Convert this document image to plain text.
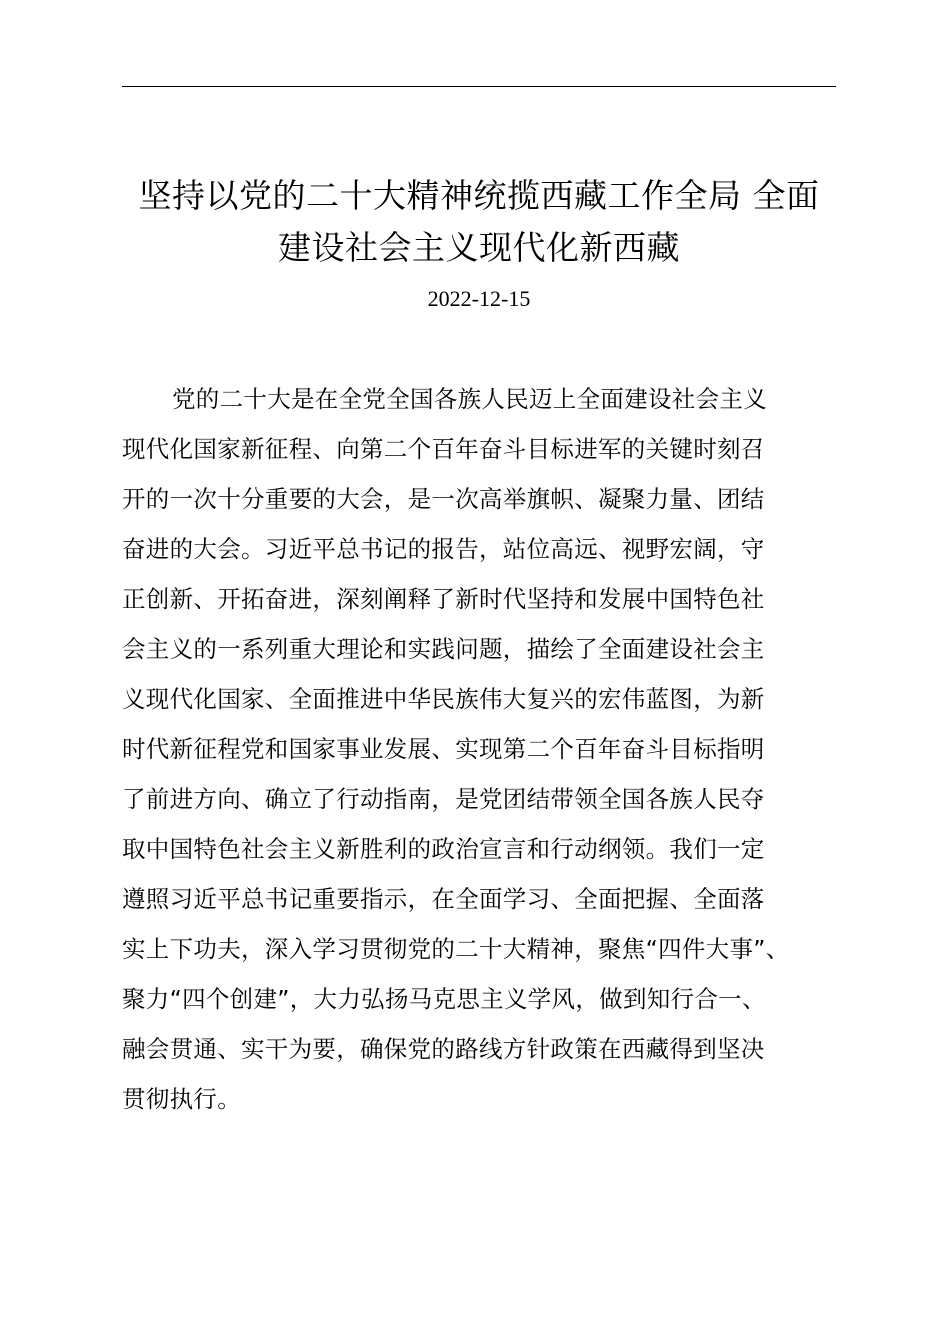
坚持以党的二十大精神统揽西藏工作全局 全面
建设社会主义现代化新西藏
2022-12-15
党的二十大是在全党全国各族人民迈上全面建设社会主义
现代化国家新征程、向第二个百年奋斗目标进军的关键时刻召
开的一次十分重要的大会，是一次高举旗帜、凝聚力量、团结
奋进的大会。习近平总书记的报告，站位高远、视野宏阔，守
正创新、开拓奋进，深刻阐释了新时代坚持和发展中国特色社
会主义的一系列重大理论和实践问题，描绘了全面建设社会主
义现代化国家、全面推进中华民族伟大复兴的宏伟蓝图，为新
时代新征程党和国家事业发展、实现第二个百年奋斗目标指明
了前进方向、确立了行动指南，是党团结带领全国各族人民夺
取中国特色社会主义新胜利的政治宣言和行动纲领。我们一定
遵照习近平总书记重要指示，在全面学习、全面把握、全面落
实上下功夫，深入学习贯彻党的二十大精神，聚焦“四件大事”、
聚力“四个创建”，大力弘扬马克思主义学风，做到知行合一、
融会贯通、实干为要，确保党的路线方针政策在西藏得到坚决
贯彻执行。
